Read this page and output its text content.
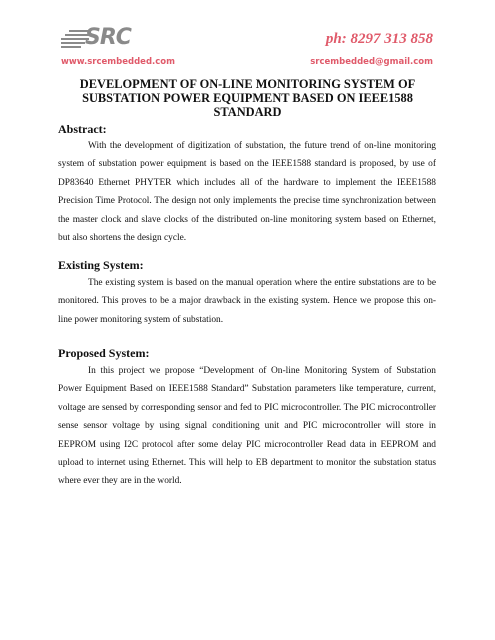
SRC	ph: 8297 313 858
www.srcembedded.com	srcembedded@gmail.com
DEVELOPMENT OF ON-LINE MONITORING SYSTEM OF
SUBSTATION POWER EQUIPMENT BASED ON IEEE1588
STANDARD
Abstract:

With the development of digitization of substation, the future trend of on-line monitoring system of substation power equipment is based on the IEEE1588 standard is proposed, by use of DP83640 Ethernet PHYTER which includes all of the hardware to implement the IEEE1588 Precision Time Protocol. The design not only implements the precise time synchronization between the master clock and slave clocks of the distributed on-line monitoring system based on Ethernet, but also shortens the design cycle.

Existing System:

The existing system is based on the manual operation where the entire substations are to be monitored. This proves to be a major drawback in the existing system. Hence we propose this on-line power monitoring system of substation.

Proposed System:

In this project we propose “Development of On-line Monitoring System of Substation Power Equipment Based on IEEE1588 Standard” Substation parameters like temperature, current, voltage are sensed by corresponding sensor and fed to PIC microcontroller. The PIC microcontroller sense sensor voltage by using signal conditioning unit and PIC microcontroller will store in EEPROM using I2C protocol after some delay PIC microcontroller Read data in EEPROM and upload to internet using Ethernet. This will help to EB department to monitor the substation status where ever they are in the world.
